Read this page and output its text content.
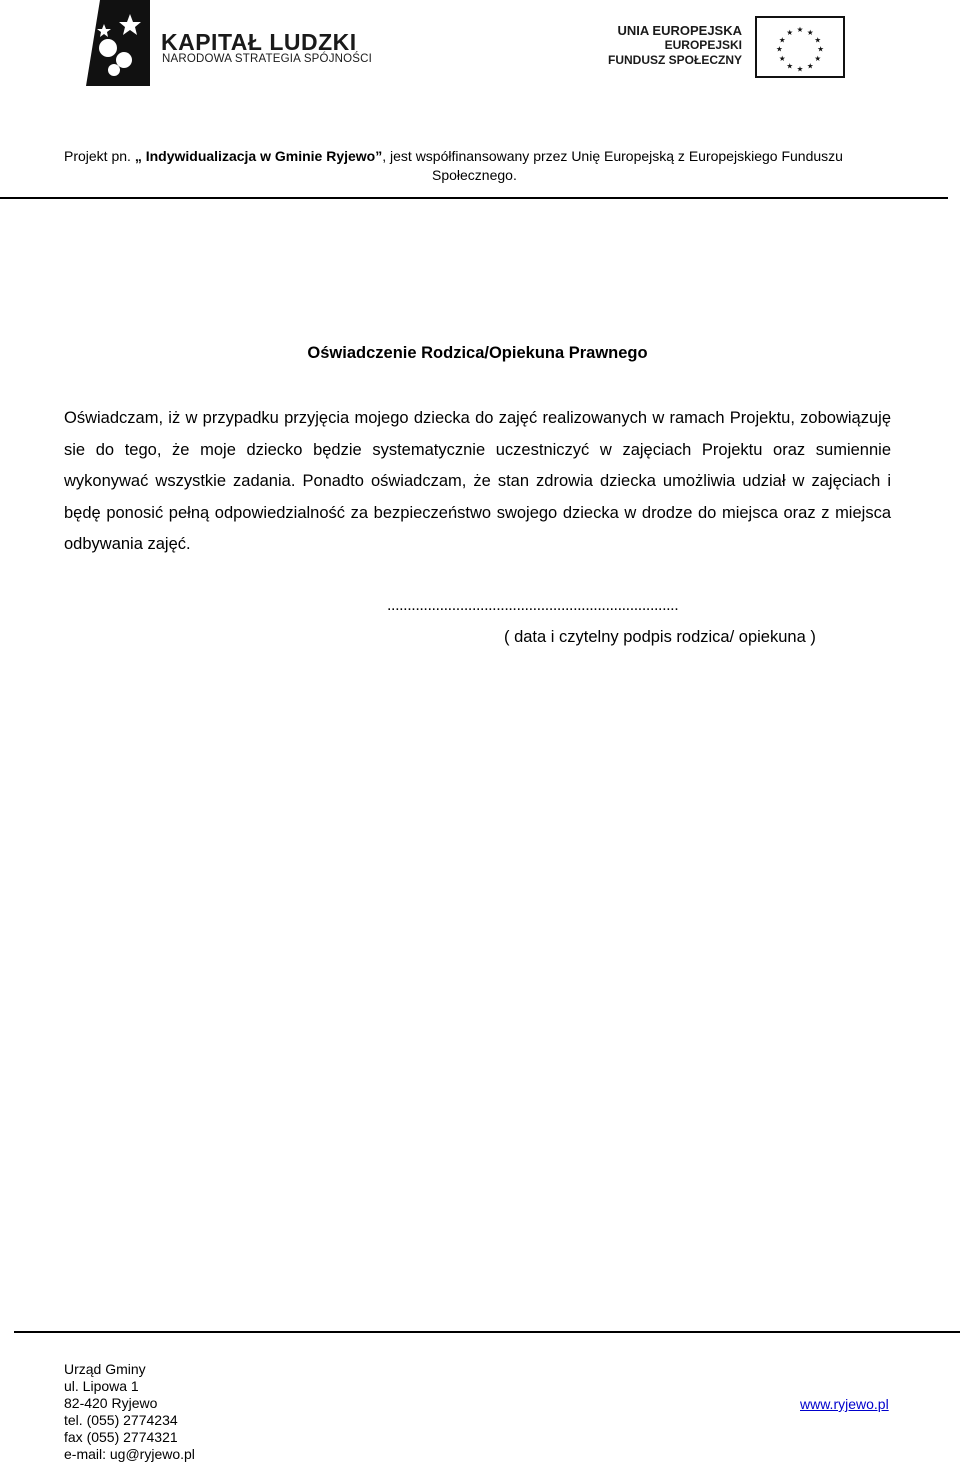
KAPITAŁ LUDZKI
NARODOWA STRATEGIA SPÓJNOŚCI
UNIA EUROPEJSKA
EUROPEJSKI
FUNDUSZ SPOŁECZNY
★ ★
★
★
★
★
★
★
★
★
★
★
Projekt pn. „ Indywidualizacja w Gminie Ryjewo”, jest współfinansowany przez Unię Europejską z Europejskiego Funduszu
Społecznego.
Oświadczenie Rodzica/Opiekuna Prawnego
Oświadczam, iż w przypadku przyjęcia mojego dziecka do zajęć realizowanych w ramach Projektu, zobowiązuję sie do tego, że moje dziecko będzie systematycznie uczestniczyć w zajęciach Projektu oraz sumiennie wykonywać wszystkie zadania. Ponadto oświadczam, że stan zdrowia dziecka umożliwia udział w zajęciach i będę ponosić pełną odpowiedzialność za bezpieczeństwo swojego dziecka w drodze do miejsca oraz z miejsca odbywania zajęć.
........................................................................
( data i czytelny podpis rodzica/ opiekuna )
Urząd Gminy
ul. Lipowa 1
82-420 Ryjewo
tel. (055) 2774234
fax (055) 2774321
e-mail: ug@ryjewo.pl
www.ryjewo.pl
